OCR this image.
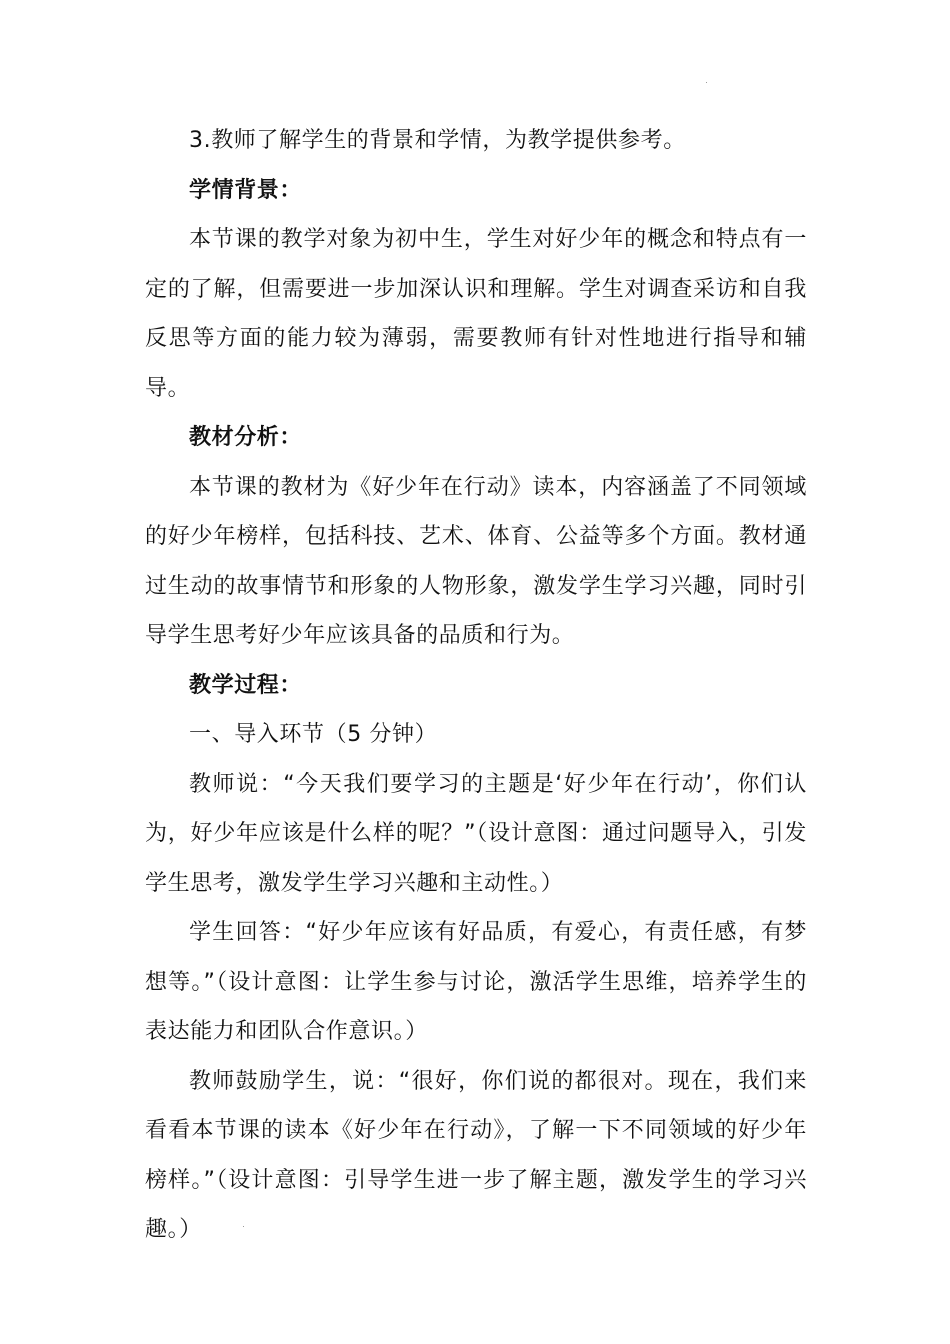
3.教师了解学生的背景和学情，为教学提供参考。

学情背景：

本节课的教学对象为初中生，学生对好少年的概念和特点有一定的了解，但需要进一步加深认识和理解。学生对调查采访和自我反思等方面的能力较为薄弱，需要教师有针对性地进行指导和辅导。

教材分析：

本节课的教材为《好少年在行动》读本，内容涵盖了不同领域的好少年榜样，包括科技、艺术、体育、公益等多个方面。教材通过生动的故事情节和形象的人物形象，激发学生学习兴趣，同时引导学生思考好少年应该具备的品质和行为。

教学过程：

一、导入环节（5 分钟）

教师说：“今天我们要学习的主题是‘好少年在行动’，你们认为，好少年应该是什么样的呢？”（设计意图：通过问题导入，引发学生思考，激发学生学习兴趣和主动性。）

学生回答：“好少年应该有好品质，有爱心，有责任感，有梦想等。”（设计意图：让学生参与讨论，激活学生思维，培养学生的表达能力和团队合作意识。）

教师鼓励学生，说：“很好，你们说的都很对。现在，我们来看看本节课的读本《好少年在行动》，了解一下不同领域的好少年榜样。”（设计意图：引导学生进一步了解主题，激发学生的学习兴趣。）
